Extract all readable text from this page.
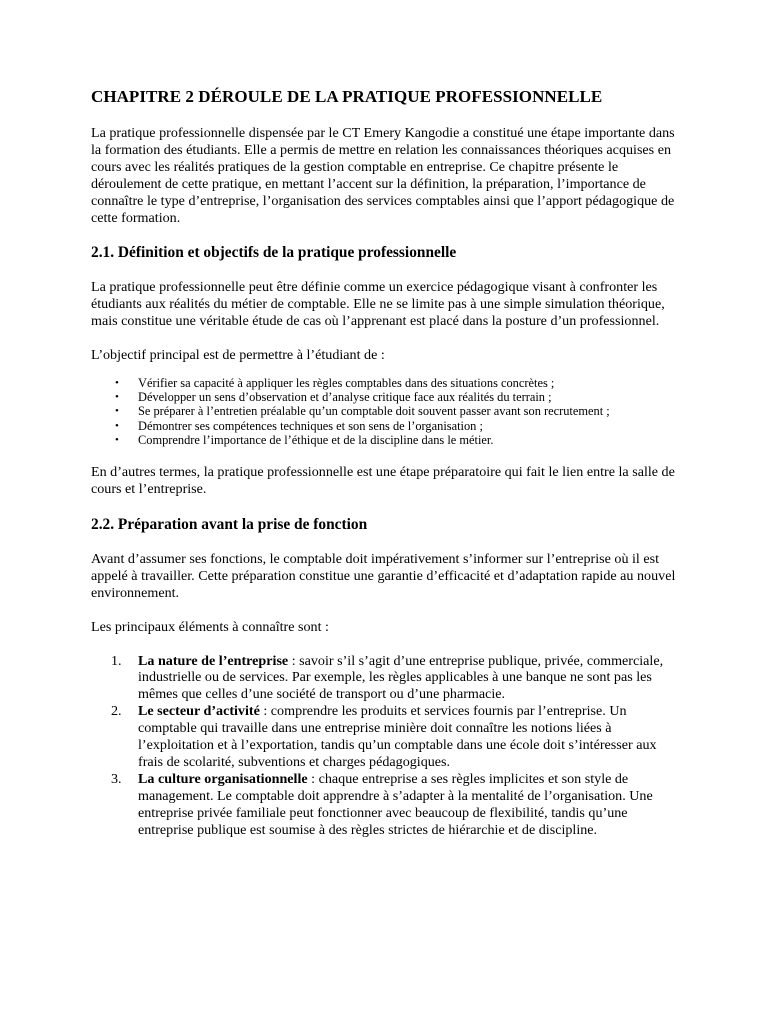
CHAPITRE 2 DÉROULE DE LA PRATIQUE PROFESSIONNELLE

La pratique professionnelle dispensée par le CT Emery Kangodie a constitué une étape importante dans la formation des étudiants. Elle a permis de mettre en relation les connaissances théoriques acquises en cours avec les réalités pratiques de la gestion comptable en entreprise. Ce chapitre présente le déroulement de cette pratique, en mettant l’accent sur la définition, la préparation, l’importance de connaître le type d’entreprise, l’organisation des services comptables ainsi que l’apport pédagogique de cette formation.

2.1. Définition et objectifs de la pratique professionnelle

La pratique professionnelle peut être définie comme un exercice pédagogique visant à confronter les étudiants aux réalités du métier de comptable. Elle ne se limite pas à une simple simulation théorique, mais constitue une véritable étude de cas où l’apprenant est placé dans la posture d’un professionnel.

L’objectif principal est de permettre à l’étudiant de :

• Vérifier sa capacité à appliquer les règles comptables dans des situations concrètes ;
• Développer un sens d’observation et d’analyse critique face aux réalités du terrain ;
• Se préparer à l’entretien préalable qu’un comptable doit souvent passer avant son recrutement ;
• Démontrer ses compétences techniques et son sens de l’organisation ;
• Comprendre l’importance de l’éthique et de la discipline dans le métier.

En d’autres termes, la pratique professionnelle est une étape préparatoire qui fait le lien entre la salle de cours et l’entreprise.

2.2. Préparation avant la prise de fonction

Avant d’assumer ses fonctions, le comptable doit impérativement s’informer sur l’entreprise où il est appelé à travailler. Cette préparation constitue une garantie d’efficacité et d’adaptation rapide au nouvel environnement.

Les principaux éléments à connaître sont :

1. La nature de l’entreprise : savoir s’il s’agit d’une entreprise publique, privée, commerciale, industrielle ou de services. Par exemple, les règles applicables à une banque ne sont pas les mêmes que celles d’une société de transport ou d’une pharmacie.
2. Le secteur d’activité : comprendre les produits et services fournis par l’entreprise. Un comptable qui travaille dans une entreprise minière doit connaître les notions liées à l’exploitation et à l’exportation, tandis qu’un comptable dans une école doit s’intéresser aux frais de scolarité, subventions et charges pédagogiques.
3. La culture organisationnelle : chaque entreprise a ses règles implicites et son style de management. Le comptable doit apprendre à s’adapter à la mentalité de l’organisation. Une entreprise privée familiale peut fonctionner avec beaucoup de flexibilité, tandis qu’une entreprise publique est soumise à des règles strictes de hiérarchie et de discipline.
